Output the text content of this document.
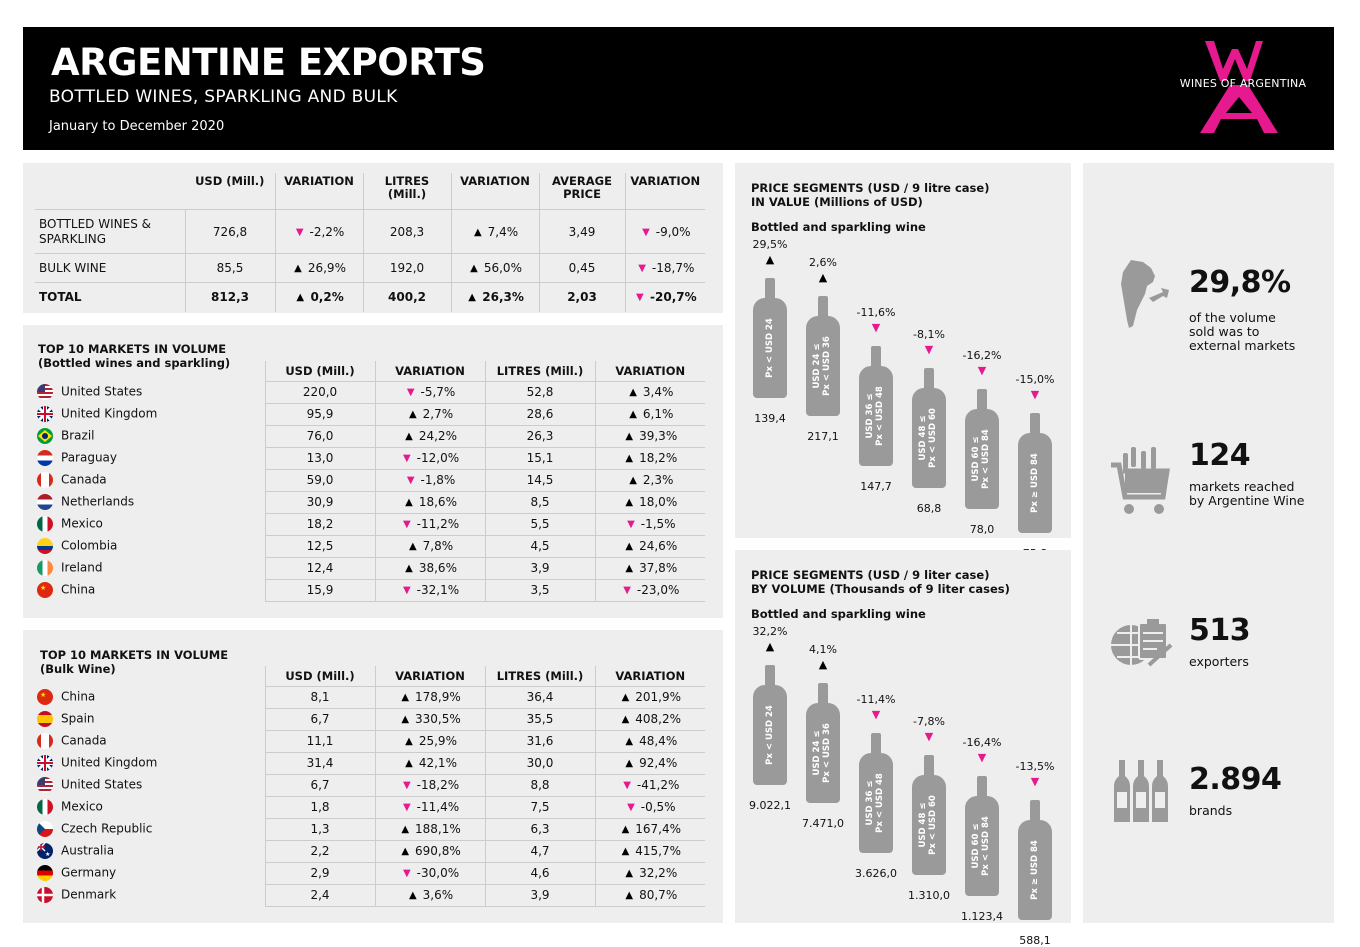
ARGENTINE EXPORTS
BOTTLED WINES, SPARKLING AND BULK
January to December 2020
WINES OF ARGENTINA
	USD (Mill.)	VARIATION	LITRES (Mill.)	VARIATION	AVERAGE PRICE	VARIATION
BOTTLED WINES & SPARKLING	726,8	▼ -2,2%	208,3	▲ 7,4%	3,49	▼ -9,0%
BULK WINE	85,5	▲ 26,9%	192,0	▲ 56,0%	0,45	▼ -18,7%
TOTAL	812,3	▲ 0,2%	400,2	▲ 26,3%	2,03	▼ -20,7%
TOP 10 MARKETS IN VOLUME
(Bottled wines and sparkling)
	USD (Mill.)	VARIATION	LITRES (Mill.)	VARIATION

United States	220,0	▼ -5,7%	52,8	▲ 3,4%
United Kingdom	95,9	▲ 2,7%	28,6	▲ 6,1%
Brazil	76,0	▲ 24,2%	26,3	▲ 39,3%
Paraguay	13,0	▼ -12,0%	15,1	▲ 18,2%
Canada	59,0	▼ -1,8%	14,5	▲ 2,3%
Netherlands	30,9	▲ 18,6%	8,5	▲ 18,0%
Mexico	18,2	▼ -11,2%	5,5	▼ -1,5%
Colombia	12,5	▲ 7,8%	4,5	▲ 24,6%
Ireland	12,4	▲ 38,6%	3,9	▲ 37,8%

★ China	15,9	▼ -32,1%	3,5	▼ -23,0%
TOP 10 MARKETS IN VOLUME
(Bulk Wine)
		USD (Mill.)	VARIATION	LITRES (Mill.)	VARIATION

★ China	8,1	▲ 178,9%	36,4	▲ 201,9%
Spain	6,7	▲ 330,5%	35,5	▲ 408,2%
Canada	11,1	▲ 25,9%	31,6	▲ 48,4%
United Kingdom	31,4	▲ 42,1%	30,0	▲ 92,4%

United States	6,7	▼ -18,2%	8,8	▼ -41,2%
Mexico	1,8	▼ -11,4%	7,5	▼ -0,5%
Czech Republic	1,3	▲ 188,1%	6,3	▲ 167,4%

★ Australia	2,2	▲ 690,8%	4,7	▲ 415,7%
Germany	2,9	▼ -30,0%	4,6	▲ 32,2%
Denmark	2,4	▲ 3,6%	3,9	▲ 80,7%
PRICE SEGMENTS (USD / 9 litre case)
IN VALUE (Millions of USD)
Bottled and sparkling wine
29,5%
▲
Px < USD 24
139,4
2,6%
▲
USD 24 ≤ Px < USD 36
217,1
-11,6%
▼
USD 36 ≤ Px < USD 48
147,7
-8,1%
▼
USD 48 ≤ Px < USD 60
68,8
-16,2%
▼
USD 60 ≤ Px < USD 84
78,0
-15,0%
▼
Px ≥ USD 84
PRICE SEGMENTS (USD / 9 liter case)
BY VOLUME (Thousands of 9 liter cases)
Bottled and sparkling wine
32,2%
▲
Px < USD 24
9.022,1
4,1%
▲
USD 24 ≤ Px < USD 36
7.471,0
-11,4%
▼
USD 36 ≤ Px < USD 48
3.626,0
-7,8%
▼
USD 48 ≤ Px < USD 60
1.310,0
-16,4%
▼
USD 60 ≤ Px < USD 84
1.123,4
-13,5%
▼
Px ≥ USD 84
588,1
29,8%
of the volume
sold was to
external markets
124
markets reached
by Argentine Wine
513
exporters
2.894
brands
